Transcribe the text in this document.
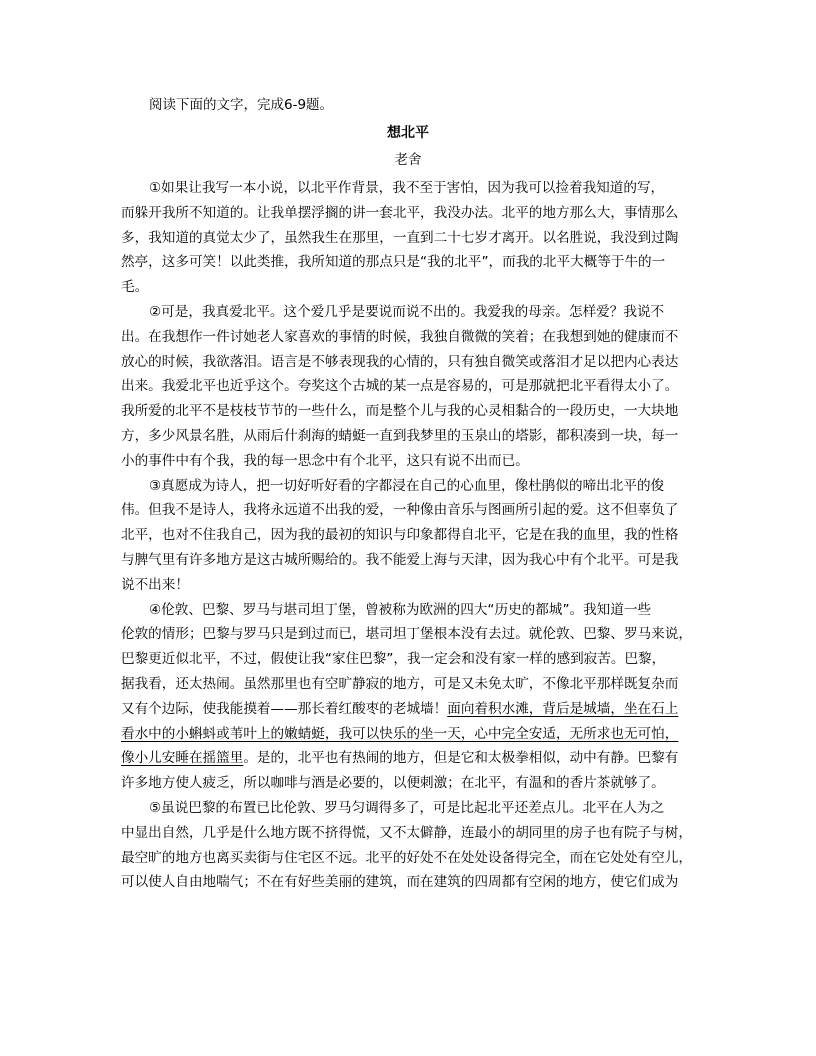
阅读下面的文字，完成6-9题。
想北平
老舍
①如果让我写一本小说，以北平作背景，我不至于害怕，因为我可以捡着我知道的写，
而躲开我所不知道的。让我单摆浮搁的讲一套北平，我没办法。北平的地方那么大，事情那么
多，我知道的真觉太少了，虽然我生在那里，一直到二十七岁才离开。以名胜说，我没到过陶
然亭，这多可笑！以此类推，我所知道的那点只是“我的北平”，而我的北平大概等于牛的一
毛。
②可是，我真爱北平。这个爱几乎是要说而说不出的。我爱我的母亲。怎样爱？我说不
出。在我想作一件讨她老人家喜欢的事情的时候，我独自微微的笑着；在我想到她的健康而不
放心的时候，我欲落泪。语言是不够表现我的心情的，只有独自微笑或落泪才足以把内心表达
出来。我爱北平也近乎这个。夸奖这个古城的某一点是容易的，可是那就把北平看得太小了。
我所爱的北平不是枝枝节节的一些什么，而是整个儿与我的心灵相黏合的一段历史，一大块地
方，多少风景名胜，从雨后什刹海的蜻蜓一直到我梦里的玉泉山的塔影，都积凑到一块，每一
小的事件中有个我，我的每一思念中有个北平，这只有说不出而已。
③真愿成为诗人，把一切好听好看的字都浸在自己的心血里，像杜鹃似的啼出北平的俊
伟。但我不是诗人，我将永远道不出我的爱，一种像由音乐与图画所引起的爱。这不但辜负了
北平，也对不住我自己，因为我的最初的知识与印象都得自北平，它是在我的血里，我的性格
与脾气里有许多地方是这古城所赐给的。我不能爱上海与天津，因为我心中有个北平。可是我
说不出来！
④伦敦、巴黎、罗马与堪司坦丁堡，曾被称为欧洲的四大“历史的都城”。我知道一些
伦敦的情形；巴黎与罗马只是到过而已，堪司坦丁堡根本没有去过。就伦敦、巴黎、罗马来说，
巴黎更近似北平，不过，假使让我“家住巴黎”，我一定会和没有家一样的感到寂苦。巴黎，
据我看，还太热闹。虽然那里也有空旷静寂的地方，可是又未免太旷，不像北平那样既复杂而
又有个边际，使我能摸着——那长着红酸枣的老城墙！面向着积水滩，背后是城墙，坐在石上
看水中的小蝌蚪或苇叶上的嫩蜻蜓，我可以快乐的坐一天，心中完全安适，无所求也无可怕，
像小儿安睡在摇篮里。是的，北平也有热闹的地方，但是它和太极拳相似，动中有静。巴黎有
许多地方使人疲乏，所以咖啡与酒是必要的，以便刺激；在北平，有温和的香片茶就够了。
⑤虽说巴黎的布置已比伦敦、罗马匀调得多了，可是比起北平还差点儿。北平在人为之
中显出自然，几乎是什么地方既不挤得慌，又不太僻静，连最小的胡同里的房子也有院子与树，
最空旷的地方也离买卖街与住宅区不远。北平的好处不在处处设备得完全，而在它处处有空儿，
可以使人自由地喘气；不在有好些美丽的建筑，而在建筑的四周都有空闲的地方，使它们成为
